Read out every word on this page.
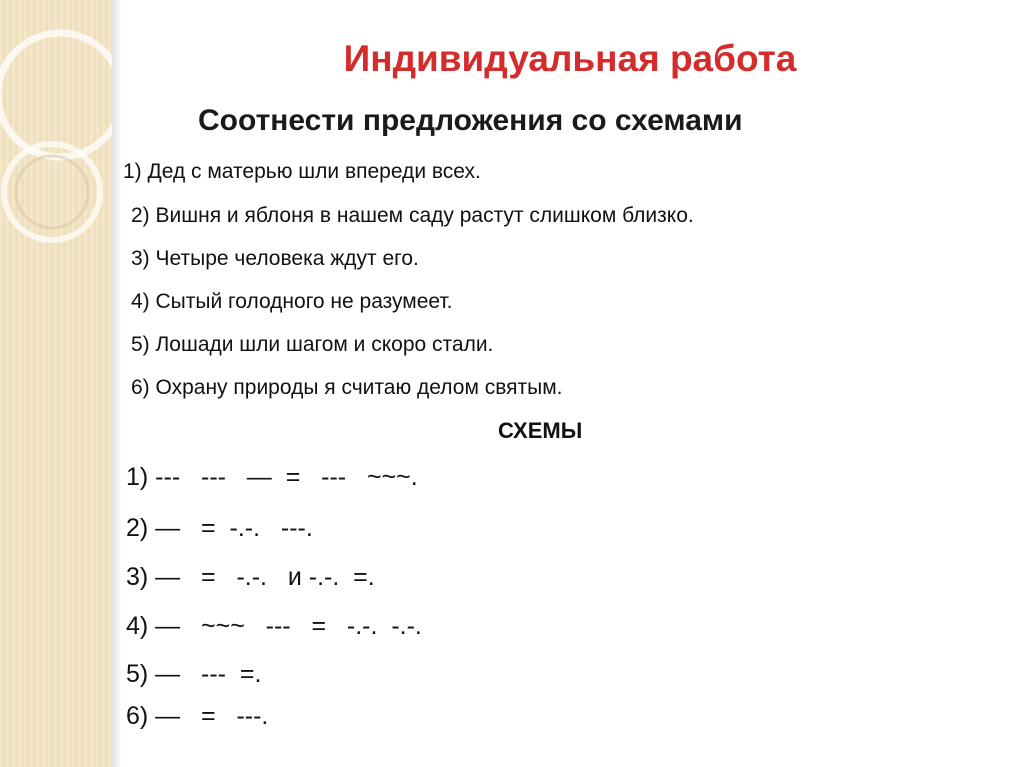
Индивидуальная работа
Соотнести предложения со схемами

1) Дед с матерью шли впереди всех.

2) Вишня и яблоня в нашем саду растут слишком близко.

3) Четыре человека ждут его.

4) Сытый голодного не разумеет.

5) Лошади шли шагом и скоро стали.

6) Охрану природы я считаю делом святым.

СХЕМЫ

1) ---   ---   —  =   ---   ~~~.

2) —   =  -.-.   ---.

3) —   =   -.-.   и -.-.  =.

4) —   ~~~   ---   =   -.-.  -.-.

5) —   ---  =.

6) —   =   ---.
